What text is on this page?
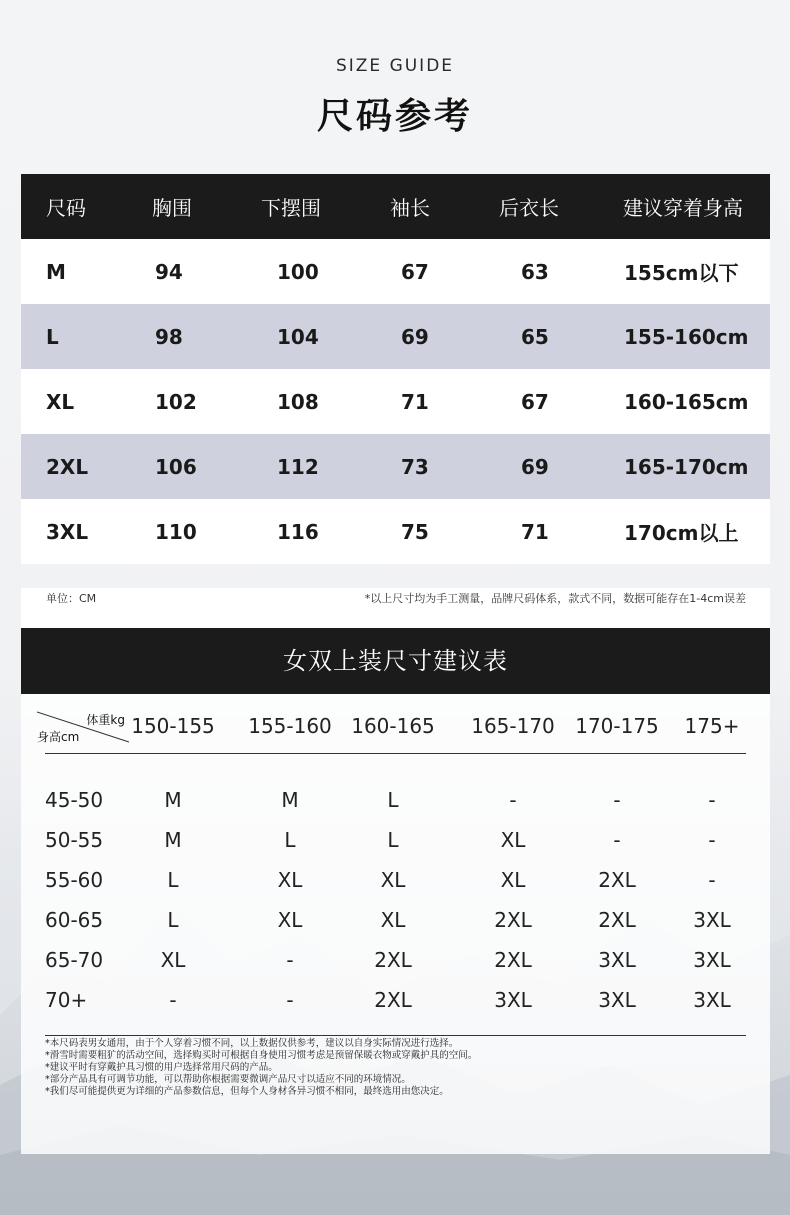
SIZE GUIDE
尺码参考
尺码	胸围	下摆围	袖长	后衣长	建议穿着身高
M	94	100	67	63	155cm以下
L	98	104	69	65	155-160cm
XL	102	108	71	67	160-165cm
2XL	106	112	73	69	165-170cm
3XL	110	116	75	71	170cm以上
单位：CM	*以上尺寸均为手工测量，品牌尺码体系，款式不同，数据可能存在1-4cm误差
女双上装尺寸建议表
体重kg
身高cm	150-155 155-160 160-165 165-170 170-175 175+
45-50	M	M	L	-	-	-
50-55	M	L	L	XL	-	-
55-60	L	XL	XL	XL	2XL	-
60-65	L	XL	XL	2XL	2XL	3XL
65-70	XL	-	2XL	2XL	3XL	3XL
70+	-	-	2XL	3XL	3XL	3XL
*本尺码表男女通用，由于个人穿着习惯不同，以上数据仅供参考，建议以自身实际情况进行选择。
*滑雪时需要粗犷的活动空间，选择购买时可根据自身使用习惯考虑是预留保暖衣物或穿戴护具的空间。
*建议平时有穿戴护具习惯的用户选择常用尺码的产品。
*部分产品具有可调节功能，可以帮助你根据需要微调产品尺寸以适应不同的环境情况。
*我们尽可能提供更为详细的产品参数信息，但每个人身材各异习惯不相同，最终选用由您决定。
